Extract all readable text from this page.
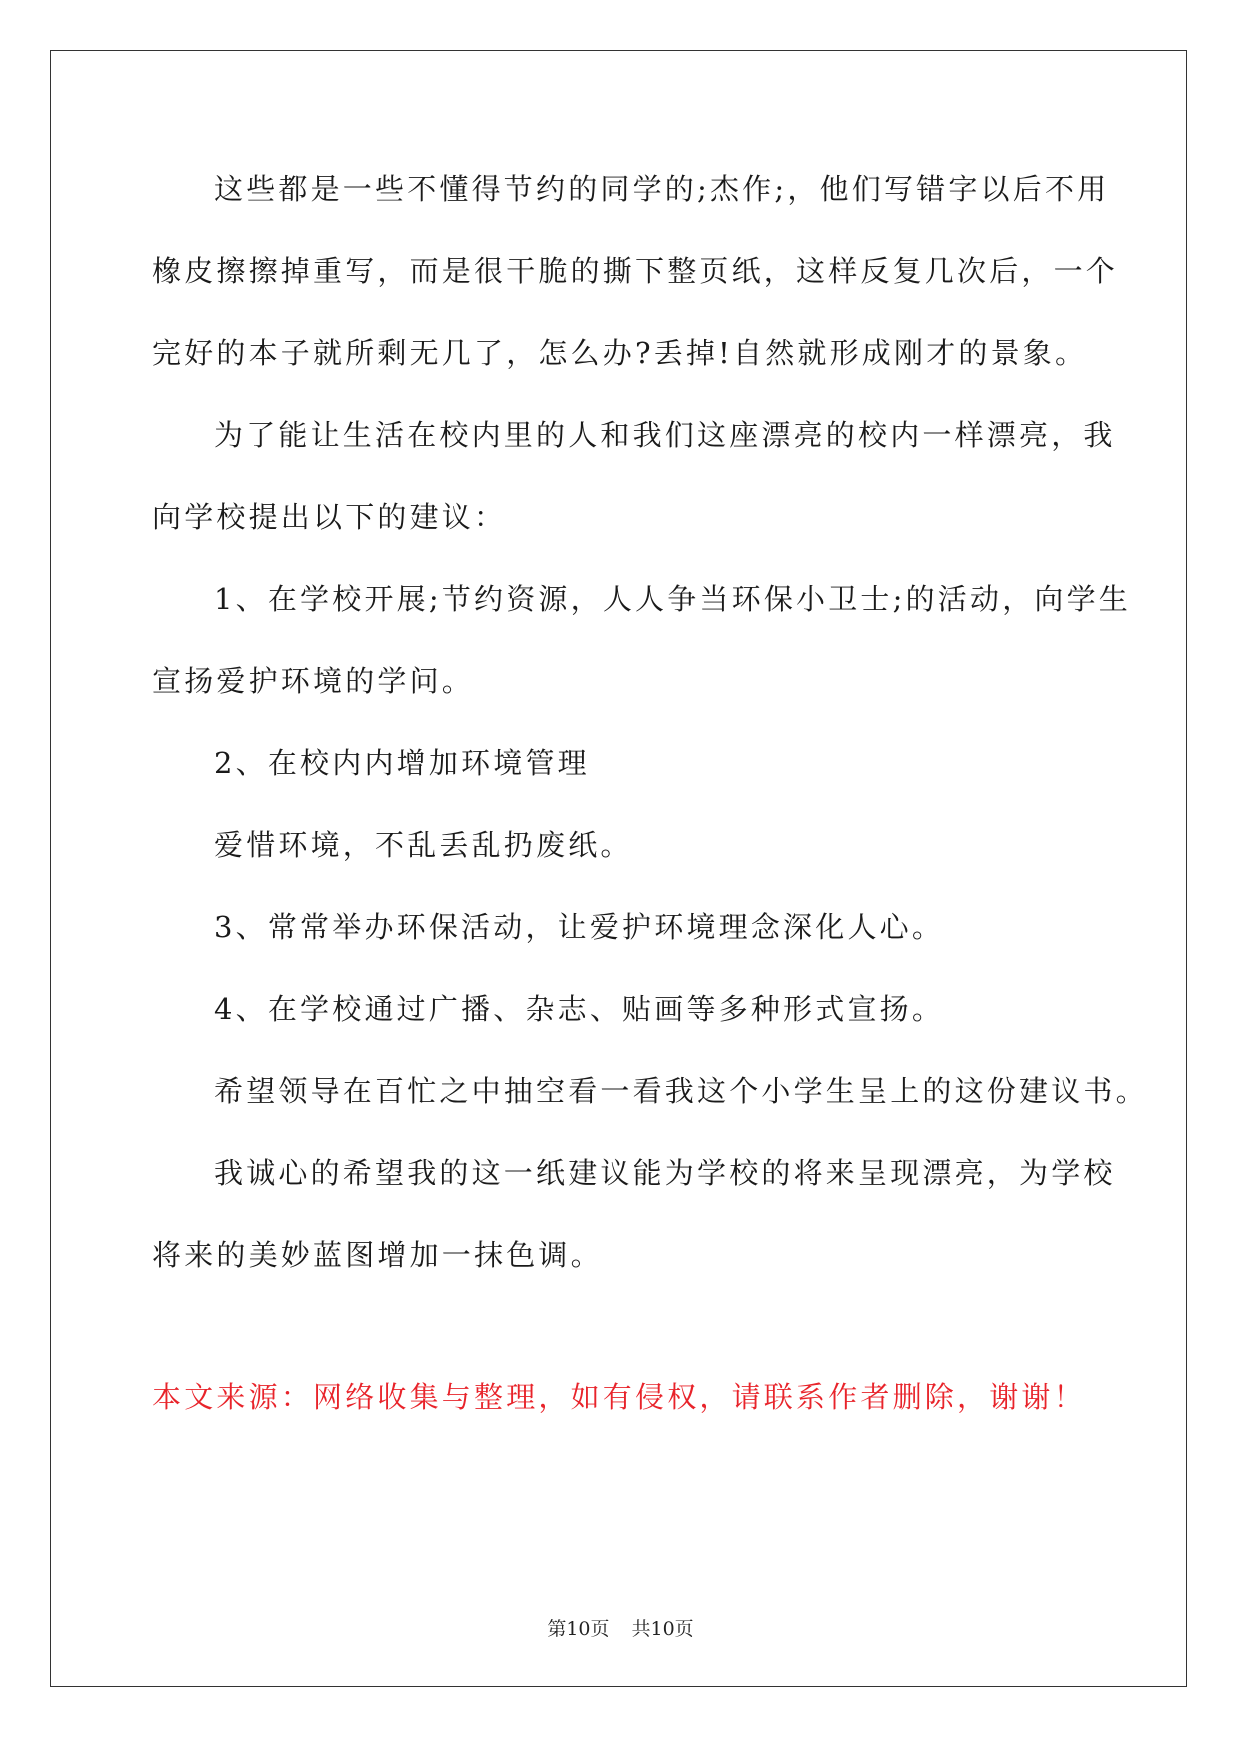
这些都是一些不懂得节约的同学的;杰作;，他们写错字以后不用
橡皮擦擦掉重写，而是很干脆的撕下整页纸，这样反复几次后，一个
完好的本子就所剩无几了，怎么办?丢掉!自然就形成刚才的景象。
为了能让生活在校内里的人和我们这座漂亮的校内一样漂亮，我
向学校提出以下的建议：
1、在学校开展;节约资源，人人争当环保小卫士;的活动，向学生
宣扬爱护环境的学问。
2、在校内内增加环境管理
爱惜环境，不乱丢乱扔废纸。
3、常常举办环保活动，让爱护环境理念深化人心。
4、在学校通过广播、杂志、贴画等多种形式宣扬。
希望领导在百忙之中抽空看一看我这个小学生呈上的这份建议书。
我诚心的希望我的这一纸建议能为学校的将来呈现漂亮，为学校
将来的美妙蓝图增加一抹色调。
本文来源：网络收集与整理，如有侵权，请联系作者删除，谢谢！
第10页 共10页
